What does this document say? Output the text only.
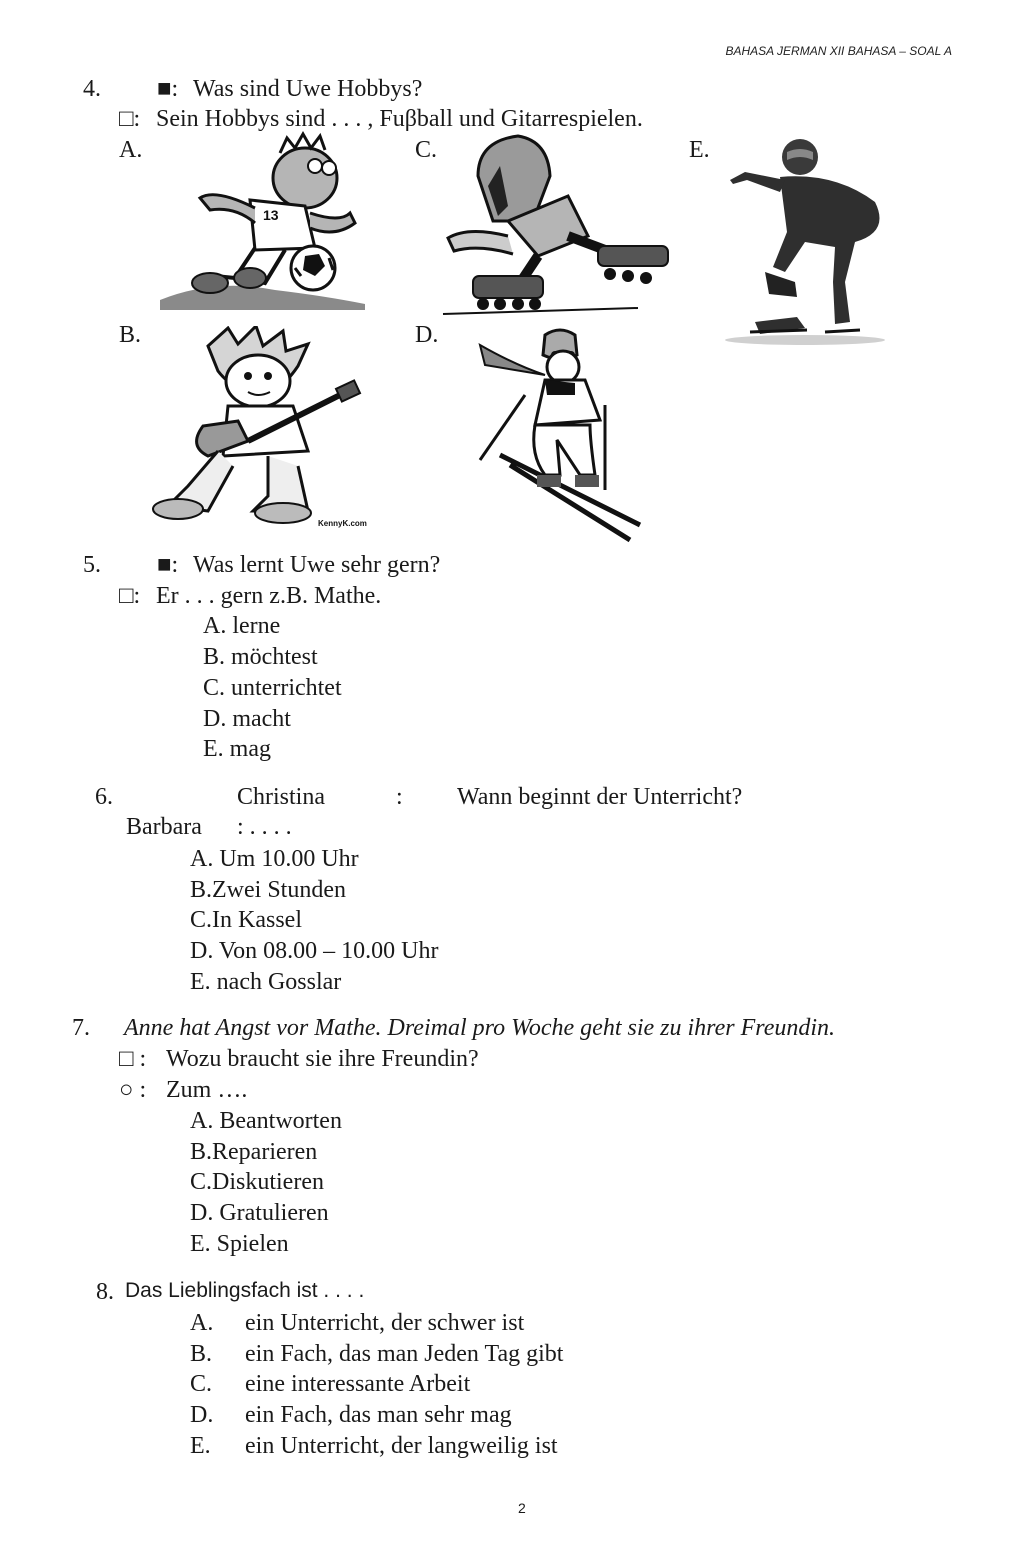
BAHASA JERMAN XII BAHASA – SOAL A
4. ■: Was sind Uwe Hobbys?
□: Sein Hobbys sind . . . , Fuβball und Gitarrespielen.
A.	C.	E.
B.	D.
13
KennyK.com
5. ■: Was lernt Uwe sehr gern?
□: Er . . . gern z.B. Mathe.
A. lerne
B. möchtest
C. unterrichtet
D. macht
E. mag
6.	Christina	: Wann beginnt der Unterricht?
Barbara : . . . .
A. Um 10.00 Uhr
B.Zwei Stunden
C.In Kassel
D. Von 08.00 – 10.00 Uhr
E. nach Gosslar
7. Anne hat Angst vor Mathe. Dreimal pro Woche geht sie zu ihrer Freundin.
□ : Wozu braucht sie ihre Freundin?
○ : Zum ….
A. Beantworten
B.Reparieren
C.Diskutieren
D. Gratulieren
E. Spielen
8. Das Lieblingsfach ist . . . .
A. ein Unterricht, der schwer ist
B. ein Fach, das man Jeden Tag gibt
C. eine interessante Arbeit
D. ein Fach, das man sehr mag
E. ein Unterricht, der langweilig ist
2
